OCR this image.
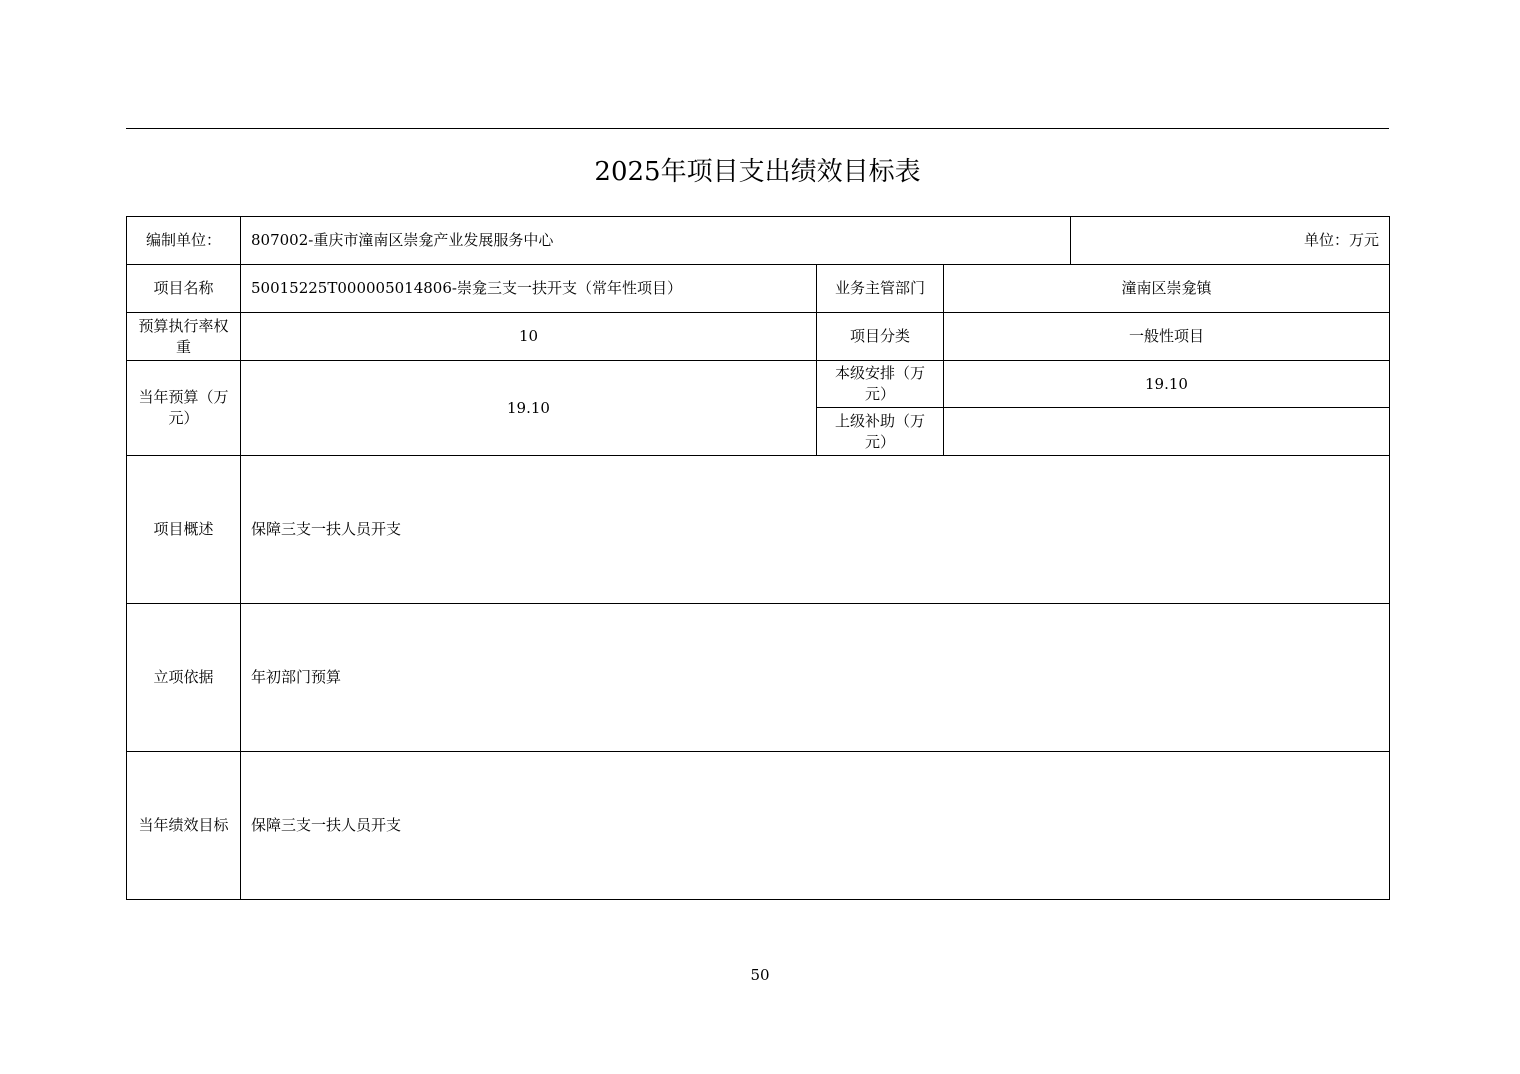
2025年项目支出绩效目标表
编制单位：	807002-重庆市潼南区崇龛产业发展服务中心			单位：万元
项目名称	50015225T000005014806-崇龛三支一扶开支（常年性项目）	业务主管部门	潼南区崇龛镇	
预算执行率权重	10	项目分类	一般性项目	
当年预算（万元）	19.10	本级安排（万元）	19.10	
		上级补助（万元）		
项目概述	保障三支一扶人员开支			
立项依据	年初部门预算			
当年绩效目标	保障三支一扶人员开支			
50
